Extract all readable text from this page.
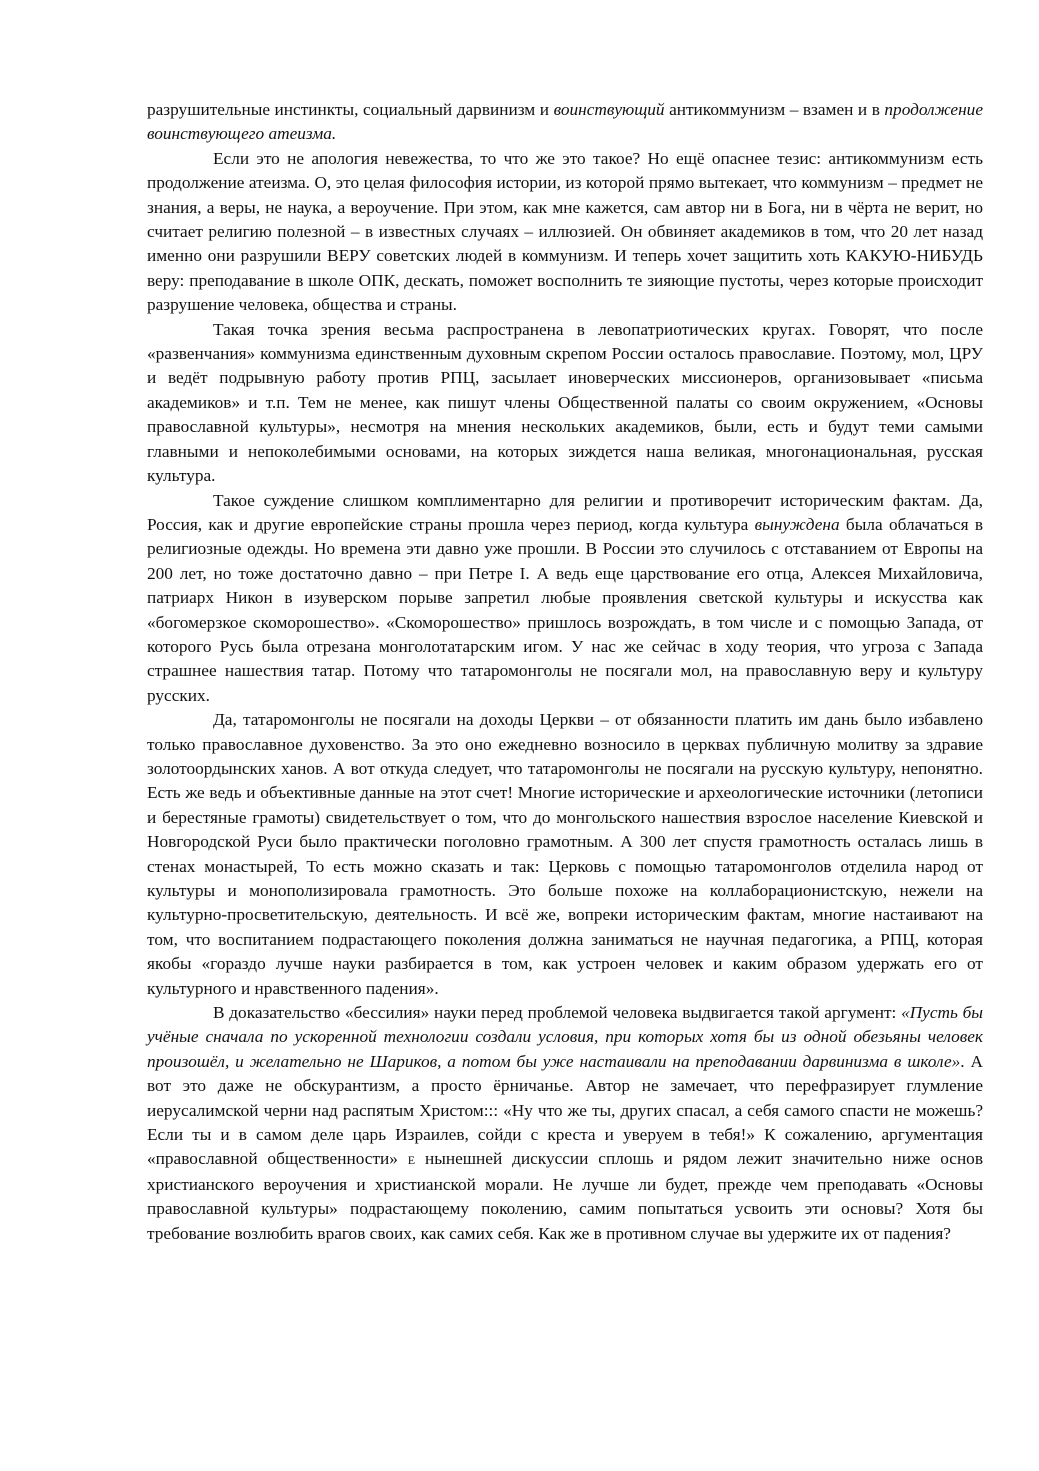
разрушительные инстинкты, социальный дарвинизм и воинствующий антикоммунизм – взамен и в продолжение воинствующего атеизма.

Если это не апология невежества, то что же это такое? Но ещё опаснее тезис: антикоммунизм есть продолжение атеизма. О, это целая философия истории, из которой прямо вытекает, что коммунизм – предмет не знания, а веры, не наука, а вероучение. При этом, как мне кажется, сам автор ни в Бога, ни в чёрта не верит, но считает религию полезной – в известных случаях – иллюзией. Он обвиняет академиков в том, что 20 лет назад именно они разрушили ВЕРУ советских людей в коммунизм. И теперь хочет защитить хоть КАКУЮ-НИБУДЬ веру: преподавание в школе ОПК, дескать, поможет восполнить те зияющие пустоты, через которые происходит разрушение человека, общества и страны.

Такая точка зрения весьма распространена в левопатриотических кругах. Говорят, что после «развенчания» коммунизма единственным духовным скрепом России осталось православие. Поэтому, мол, ЦРУ и ведёт подрывную работу против РПЦ, засылает иноверческих миссионеров, организовывает «письма академиков» и т.п. Тем не менее, как пишут члены Общественной палаты со своим окружением, «Основы православной культуры», несмотря на мнения нескольких академиков, были, есть и будут теми самыми главными и непоколебимыми основами, на которых зиждется наша великая, многонациональная, русская культура.

Такое суждение слишком комплиментарно для религии и противоречит историческим фактам. Да, Россия, как и другие европейские страны прошла через период, когда культура вынуждена была облачаться в религиозные одежды. Но времена эти давно уже прошли. В России это случилось с отставанием от Европы на 200 лет, но тоже достаточно давно – при Петре I. А ведь еще царствование его отца, Алексея Михайловича, патриарх Никон в изуверском порыве запретил любые проявления светской культуры и искусства как «богомерзкое скоморошество». «Скоморошество» пришлось возрождать, в том числе и с помощью Запада, от которого Русь была отрезана монголотатарским игом. У нас же сейчас в ходу теория, что угроза с Запада страшнее нашествия татар. Потому что татаромонголы не посягали мол, на православную веру и культуру русских.

Да, татаромонголы не посягали на доходы Церкви – от обязанности платить им дань было избавлено только православное духовенство. За это оно ежедневно возносило в церквах публичную молитву за здравие золотоордынских ханов. А вот откуда следует, что татаромонголы не посягали на русскую культуру, непонятно. Есть же ведь и объективные данные на этот счет! Многие исторические и археологические источники (летописи и берестяные грамоты) свидетельствует о том, что до монгольского нашествия взрослое население Киевской и Новгородской Руси было практически поголовно грамотным. А 300 лет спустя грамотность осталась лишь в стенах монастырей, То есть можно сказать и так: Церковь с помощью татаромонголов отделила народ от культуры и монополизировала грамотность. Это больше похоже на коллаборационистскую, нежели на культурно-просветительскую, деятельность. И всё же, вопреки историческим фактам, многие настаивают на том, что воспитанием подрастающего поколения должна заниматься не научная педагогика, а РПЦ, которая якобы «гораздо лучше науки разбирается в том, как устроен человек и каким образом удержать его от культурного и нравственного падения».

В доказательство «бессилия» науки перед проблемой человека выдвигается такой аргумент: «Пусть бы учёные сначала по ускоренной технологии создали условия, при которых хотя бы из одной обезьяны человек произошёл, и желательно не Шариков, а потом бы уже настаивали на преподавании дарвинизма в школе». А вот это даже не обскурантизм, а просто ёрничанье. Автор не замечает, что перефразирует глумление иерусалимской черни над распятым Христом::: «Ну что же ты, других спасал, а себя самого спасти не можешь? Если ты и в самом деле царь Израилев, сойди с креста и уверуем в тебя!» К сожалению, аргументация «православной общественности» Е нынешней дискуссии сплошь и рядом лежит значительно ниже основ христианского вероучения и христианской морали. Не лучше ли будет, прежде чем преподавать «Основы православной культуры» подрастающему поколению, самим попытаться усвоить эти основы? Хотя бы требование возлюбить врагов своих, как самих себя. Как же в противном случае вы удержите их от падения?
